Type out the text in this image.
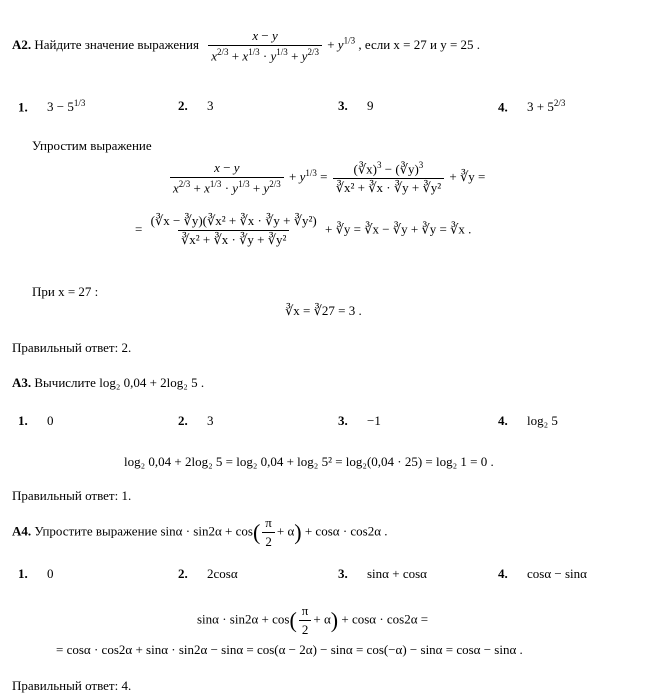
A2. Найдите значение выражения $\frac{x - y}{x^{2/3} + x^{1/3} \cdot y^{1/3} + y^{2/3}} + y^{1/3}$ , если x = 27 и y = 25 .
1. $3 - 5^{1/3}$	2. 3	3. 9	4. $3 + 5^{2/3}$
Упростим выражение
$\frac{x - y}{x^{2/3} + x^{1/3} \cdot y^{1/3} + y^{2/3}} + y^{1/3} = \frac{(∛x)^3 - (∛y)^3}{\text{∛x² + ∛x · ∛y + ∛y²}}$ + ∛y =
= $\frac{\text{(∛x − ∛y)(∛x² + ∛x · ∛y + ∛y²)}}{\text{∛x² + ∛x · ∛y + ∛y²}}$ + ∛y = ∛x − ∛y + ∛y = ∛x .
При x = 27 :
∛x = ∛27 = 3 .
Правильный ответ: 2.
A3. Вычислите log₂ 0,04 + 2log₂ 5 .
1. 0	2. 3	3. −1	4. log₂ 5
log₂ 0,04 + 2log₂ 5 = log₂ 0,04 + log₂ 5² = log₂(0,04 · 25) = log₂ 1 = 0 .
Правильный ответ: 1.
A4. Упростите выражение $\sin\alpha \cdot \sin 2\alpha + \cos( \frac{\pi}{2} + \alpha) + \cos\alpha \cdot \cos 2\alpha$ .
1. 0	2. 2cosα	3. sinα + cosα	4. cosα − sinα
$\sin\alpha \cdot \sin 2\alpha + \cos( \frac{\pi}{2} + \alpha) + \cos\alpha \cdot \cos 2\alpha$ =
= cosα · cos2α + sinα · sin2α − sinα = cos(α − 2α) − sinα = cos(−α) − sinα = cosα − sinα .
Правильный ответ: 4.
